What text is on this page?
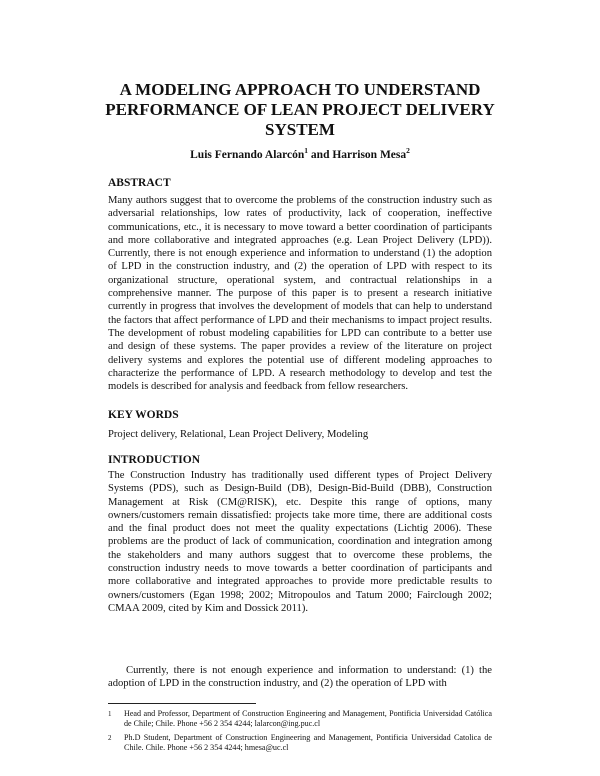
A MODELING APPROACH TO UNDERSTAND PERFORMANCE OF LEAN PROJECT DELIVERY SYSTEM
Luis Fernando Alarcón$^1$ and Harrison Mesa$^2$
ABSTRACT

Many authors suggest that to overcome the problems of the construction industry such as adversarial relationships, low rates of productivity, lack of cooperation, ineffective communications, etc., it is necessary to move toward a better coordination of participants and more collaborative and integrated approaches (e.g. Lean Project Delivery (LPD)). Currently, there is not enough experience and information to understand (1) the adoption of LPD in the construction industry, and (2) the operation of LPD with respect to its organizational structure, operational system, and contractual relationships in a comprehensive manner. The purpose of this paper is to present a research initiative currently in progress that involves the development of models that can help to understand the factors that affect performance of LPD and their mechanisms to impact project results. The development of robust modeling capabilities for LPD can contribute to a better use and design of these systems. The paper provides a review of the literature on project delivery systems and explores the potential use of different modeling approaches to characterize the performance of LPD. A research methodology to develop and test the models is described for analysis and feedback from fellow researchers.

KEY WORDS

Project delivery, Relational, Lean Project Delivery, Modeling

INTRODUCTION

The Construction Industry has traditionally used different types of Project Delivery Systems (PDS), such as Design-Build (DB), Design-Bid-Build (DBB), Construction Management at Risk (CM@RISK), etc. Despite this range of options, many owners/customers remain dissatisfied: projects take more time, there are additional costs and the final product does not meet the quality expectations (Lichtig 2006). These problems are the product of lack of communication, coordination and integration among the stakeholders and many authors suggest that to overcome these problems, the construction industry needs to move towards a better coordination of participants and more collaborative and integrated approaches to provide more predictable results to owners/customers (Egan 1998; 2002; Mitropoulos and Tatum 2000; Fairclough 2002; CMAA 2009, cited by Kim and Dossick 2011).

Currently, there is not enough experience and information to understand: (1) the adoption of LPD in the construction industry, and (2) the operation of LPD with

1 Head and Professor, Department of Construction Engineering and Management, Pontificia Universidad Católica de Chile; Chile. Phone +56 2 354 4244; lalarcon@ing.puc.cl
2 Ph.D Student, Department of Construction Engineering and Management, Pontificia Universidad Catolica de Chile. Chile. Phone +56 2 354 4244; hmesa@uc.cl
